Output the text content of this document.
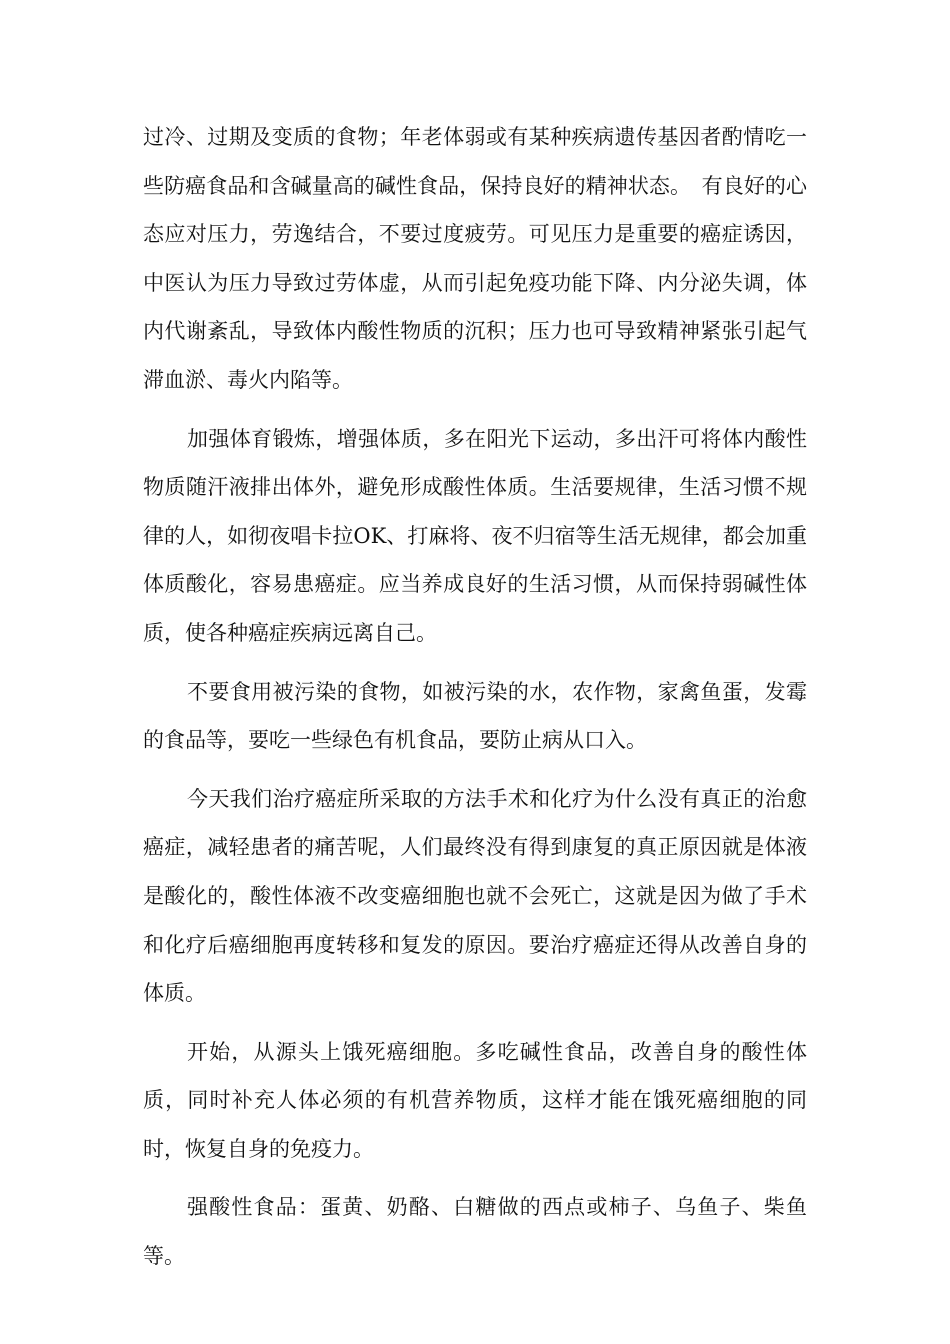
过冷、过期及变质的食物；年老体弱或有某种疾病遗传基因者酌情吃一些防癌食品和含碱量高的碱性食品，保持良好的精神状态。　有良好的心态应对压力，劳逸结合，不要过度疲劳。可见压力是重要的癌症诱因，中医认为压力导致过劳体虚，从而引起免疫功能下降、内分泌失调，体内代谢紊乱，导致体内酸性物质的沉积；压力也可导致精神紧张引起气滞血淤、毒火内陷等。

加强体育锻炼，增强体质，多在阳光下运动，多出汗可将体内酸性物质随汗液排出体外，避免形成酸性体质。生活要规律，生活习惯不规律的人，如彻夜唱卡拉OK、打麻将、夜不归宿等生活无规律，都会加重体质酸化，容易患癌症。应当养成良好的生活习惯，从而保持弱碱性体质，使各种癌症疾病远离自己。

不要食用被污染的食物，如被污染的水，农作物，家禽鱼蛋，发霉的食品等，要吃一些绿色有机食品，要防止病从口入。

今天我们治疗癌症所采取的方法手术和化疗为什么没有真正的治愈癌症，减轻患者的痛苦呢，人们最终没有得到康复的真正原因就是体液是酸化的，酸性体液不改变癌细胞也就不会死亡，这就是因为做了手术和化疗后癌细胞再度转移和复发的原因。要治疗癌症还得从改善自身的体质。

开始，从源头上饿死癌细胞。多吃碱性食品，改善自身的酸性体质，同时补充人体必须的有机营养物质，这样才能在饿死癌细胞的同时，恢复自身的免疫力。

强酸性食品：蛋黄、奶酪、白糖做的西点或柿子、乌鱼子、柴鱼等。
